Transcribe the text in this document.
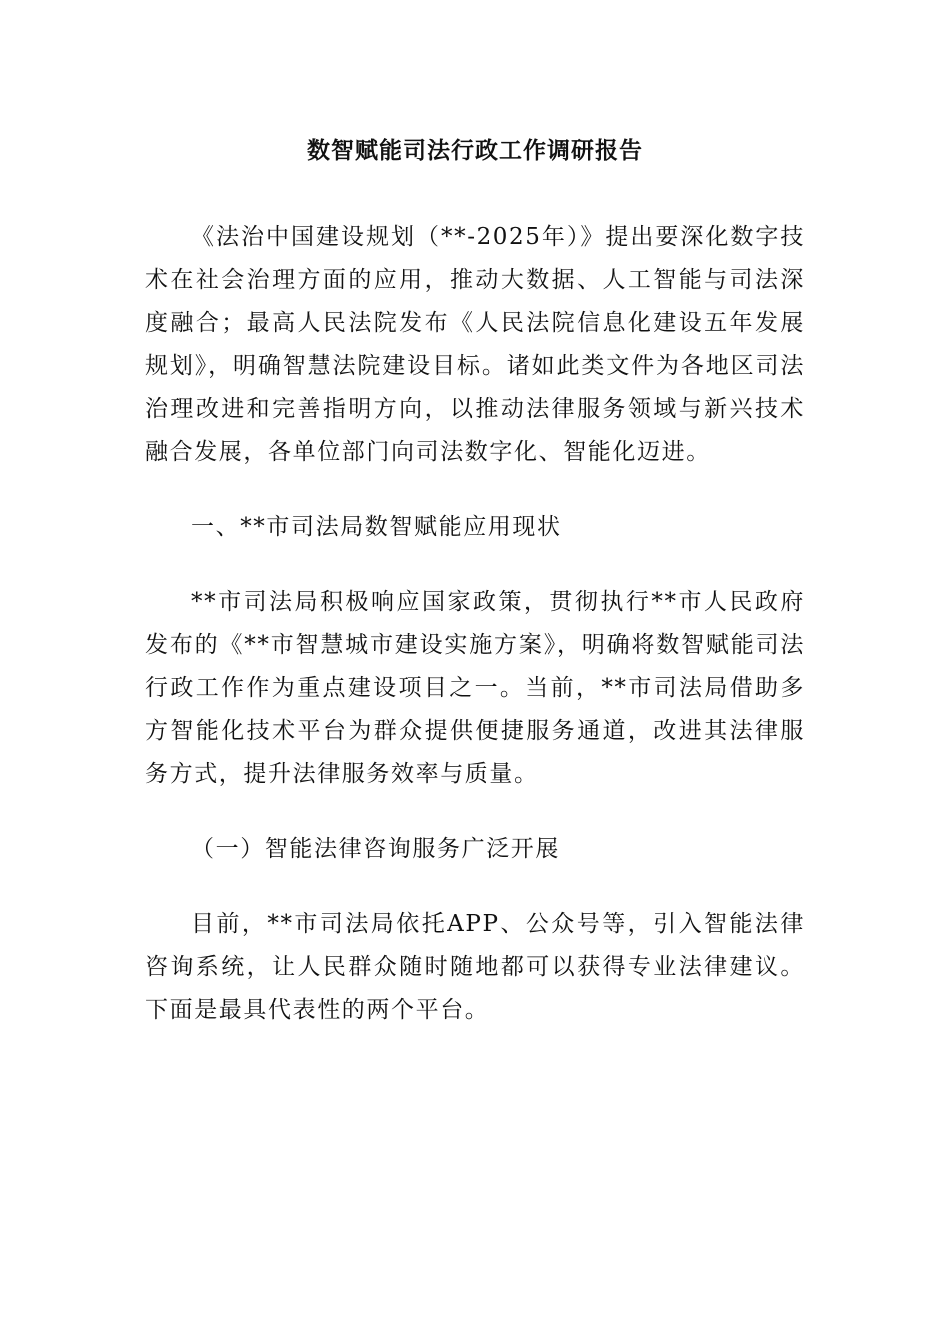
数智赋能司法行政工作调研报告

《法治中国建设规划（**-2025年）》提出要深化数字技术在社会治理方面的应用，推动大数据、人工智能与司法深度融合；最高人民法院发布《人民法院信息化建设五年发展规划》，明确智慧法院建设目标。诸如此类文件为各地区司法治理改进和完善指明方向，以推动法律服务领域与新兴技术融合发展，各单位部门向司法数字化、智能化迈进。

一、**市司法局数智赋能应用现状

**市司法局积极响应国家政策，贯彻执行**市人民政府发布的《**市智慧城市建设实施方案》，明确将数智赋能司法行政工作作为重点建设项目之一。当前，**市司法局借助多方智能化技术平台为群众提供便捷服务通道，改进其法律服务方式，提升法律服务效率与质量。

（一）智能法律咨询服务广泛开展

目前，**市司法局依托APP、公众号等，引入智能法律咨询系统，让人民群众随时随地都可以获得专业法律建议。下面是最具代表性的两个平台。
